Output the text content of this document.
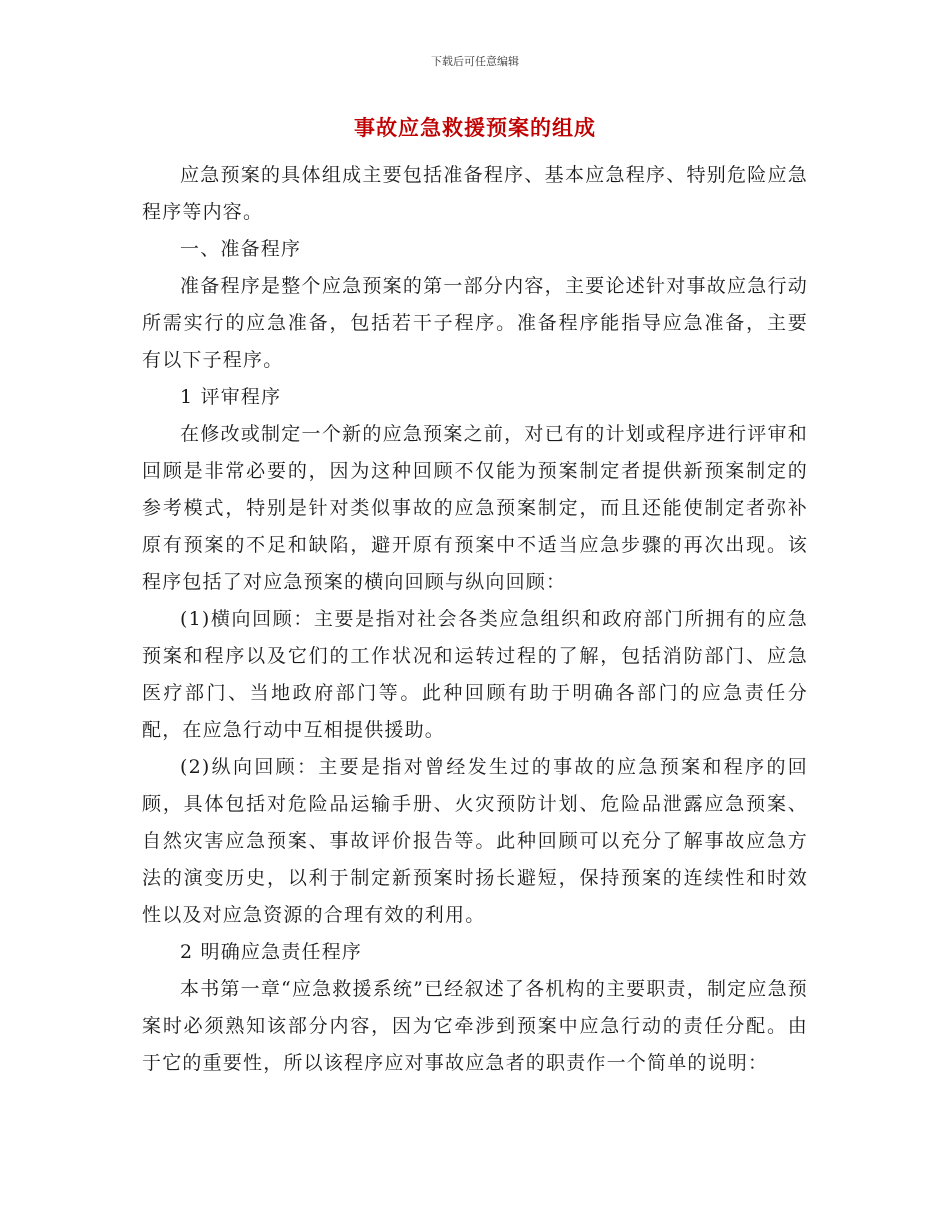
下载后可任意编辑
事故应急救援预案的组成

应急预案的具体组成主要包括准备程序、基本应急程序、特别危险应急程序等内容。

一、准备程序

准备程序是整个应急预案的第一部分内容，主要论述针对事故应急行动所需实行的应急准备，包括若干子程序。准备程序能指导应急准备，主要有以下子程序。

1 评审程序

在修改或制定一个新的应急预案之前，对已有的计划或程序进行评审和回顾是非常必要的，因为这种回顾不仅能为预案制定者提供新预案制定的参考模式，特别是针对类似事故的应急预案制定，而且还能使制定者弥补原有预案的不足和缺陷，避开原有预案中不适当应急步骤的再次出现。该程序包括了对应急预案的横向回顾与纵向回顾：

(1)横向回顾：主要是指对社会各类应急组织和政府部门所拥有的应急预案和程序以及它们的工作状况和运转过程的了解，包括消防部门、应急医疗部门、当地政府部门等。此种回顾有助于明确各部门的应急责任分配，在应急行动中互相提供援助。

(2)纵向回顾：主要是指对曾经发生过的事故的应急预案和程序的回顾，具体包括对危险品运输手册、火灾预防计划、危险品泄露应急预案、自然灾害应急预案、事故评价报告等。此种回顾可以充分了解事故应急方法的演变历史，以利于制定新预案时扬长避短，保持预案的连续性和时效性以及对应急资源的合理有效的利用。

2 明确应急责任程序

本书第一章“应急救援系统”已经叙述了各机构的主要职责，制定应急预案时必须熟知该部分内容，因为它牵涉到预案中应急行动的责任分配。由于它的重要性，所以该程序应对事故应急者的职责作一个简单的说明：
